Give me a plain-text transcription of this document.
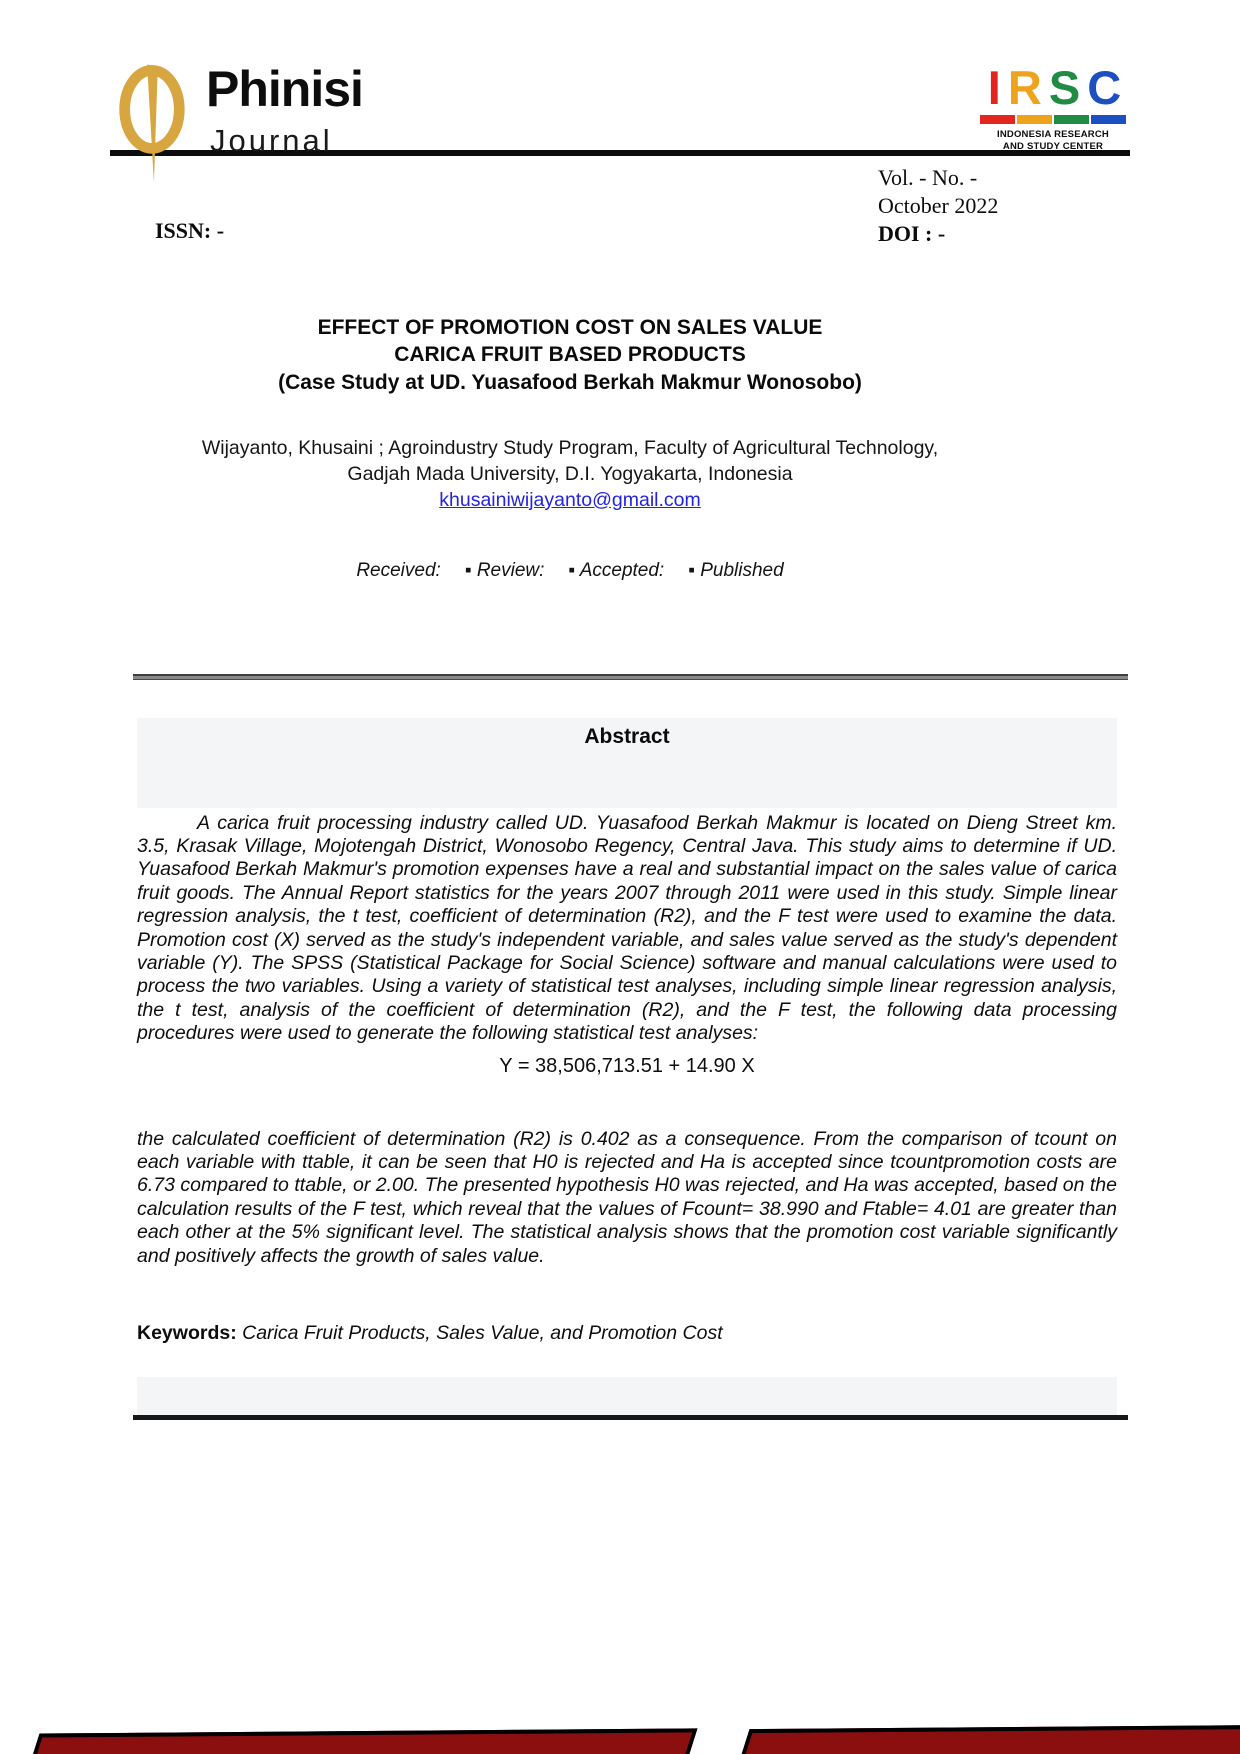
Phinisi
Journal
I R S C
INDONESIA RESEARCH
AND STUDY CENTER
Vol. - No. -
October 2022
DOI : -
ISSN: -
EFFECT OF PROMOTION COST ON SALES VALUE
CARICA FRUIT BASED PRODUCTS
(Case Study at UD. Yuasafood Berkah Makmur Wonosobo)
Wijayanto, Khusaini ; Agroindustry Study Program, Faculty of Agricultural Technology,
Gadjah Mada University, D.I. Yogyakarta, Indonesia
khusainiwijayanto@gmail.com
Received: ▪ Review: ▪ Accepted: ▪ Published
Abstract

A carica fruit processing industry called UD. Yuasafood Berkah Makmur is located on Dieng Street km. 3.5, Krasak Village, Mojotengah District, Wonosobo Regency, Central Java. This study aims to determine if UD. Yuasafood Berkah Makmur's promotion expenses have a real and substantial impact on the sales value of carica fruit goods. The Annual Report statistics for the years 2007 through 2011 were used in this study. Simple linear regression analysis, the t test, coefficient of determination (R2), and the F test were used to examine the data. Promotion cost (X) served as the study's independent variable, and sales value served as the study's dependent variable (Y). The SPSS (Statistical Package for Social Science) software and manual calculations were used to process the two variables. Using a variety of statistical test analyses, including simple linear regression analysis, the t test, analysis of the coefficient of determination (R2), and the F test, the following data processing procedures were used to generate the following statistical test analyses:

Y = 38,506,713.51 + 14.90 X

the calculated coefficient of determination (R2) is 0.402 as a consequence. From the comparison of tcount on each variable with ttable, it can be seen that H0 is rejected and Ha is accepted since tcountpromotion costs are 6.73 compared to ttable, or 2.00. The presented hypothesis H0 was rejected, and Ha was accepted, based on the calculation results of the F test, which reveal that the values of Fcount= 38.990 and Ftable= 4.01 are greater than each other at the 5% significant level. The statistical analysis shows that the promotion cost variable significantly and positively affects the growth of sales value.

Keywords: Carica Fruit Products, Sales Value, and Promotion Cost
